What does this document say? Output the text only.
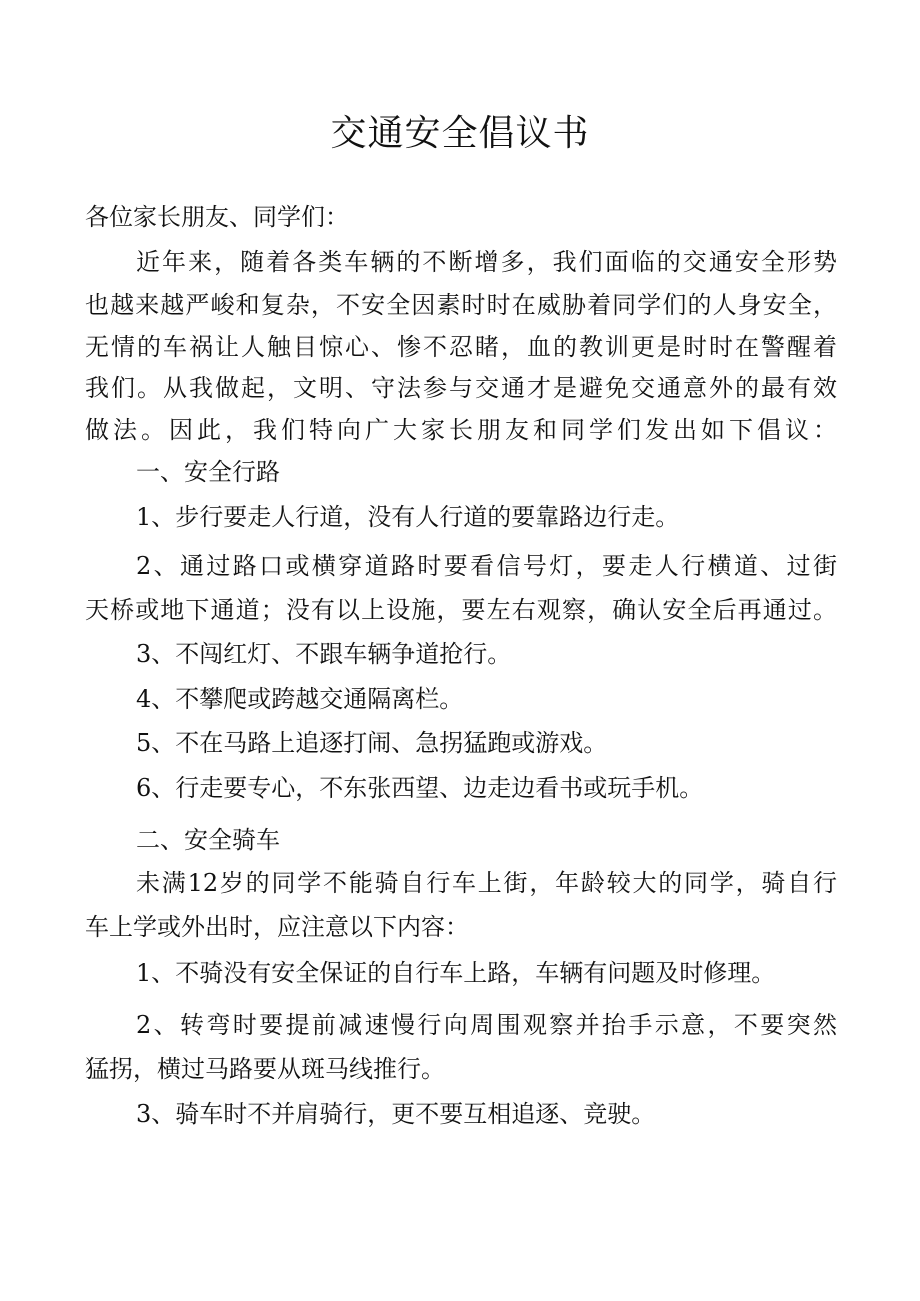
交通安全倡议书
各位家长朋友、同学们：
近年来，随着各类车辆的不断增多，我们面临的交通安全形势
也越来越严峻和复杂，不安全因素时时在威胁着同学们的人身安全，
无情的车祸让人触目惊心、惨不忍睹，血的教训更是时时在警醒着
我们。从我做起，文明、守法参与交通才是避免交通意外的最有效
做法。因此，我们特向广大家长朋友和同学们发出如下倡议：
一、安全行路
1、步行要走人行道，没有人行道的要靠路边行走。
2、通过路口或横穿道路时要看信号灯，要走人行横道、过街
天桥或地下通道；没有以上设施，要左右观察，确认安全后再通过。
3、不闯红灯、不跟车辆争道抢行。
4、不攀爬或跨越交通隔离栏。
5、不在马路上追逐打闹、急拐猛跑或游戏。
6、行走要专心，不东张西望、边走边看书或玩手机。
二、安全骑车
未满12岁的同学不能骑自行车上街，年龄较大的同学，骑自行
车上学或外出时，应注意以下内容：
1、不骑没有安全保证的自行车上路，车辆有问题及时修理。
2、转弯时要提前减速慢行向周围观察并抬手示意，不要突然
猛拐，横过马路要从斑马线推行。
3、骑车时不并肩骑行，更不要互相追逐、竞驶。
